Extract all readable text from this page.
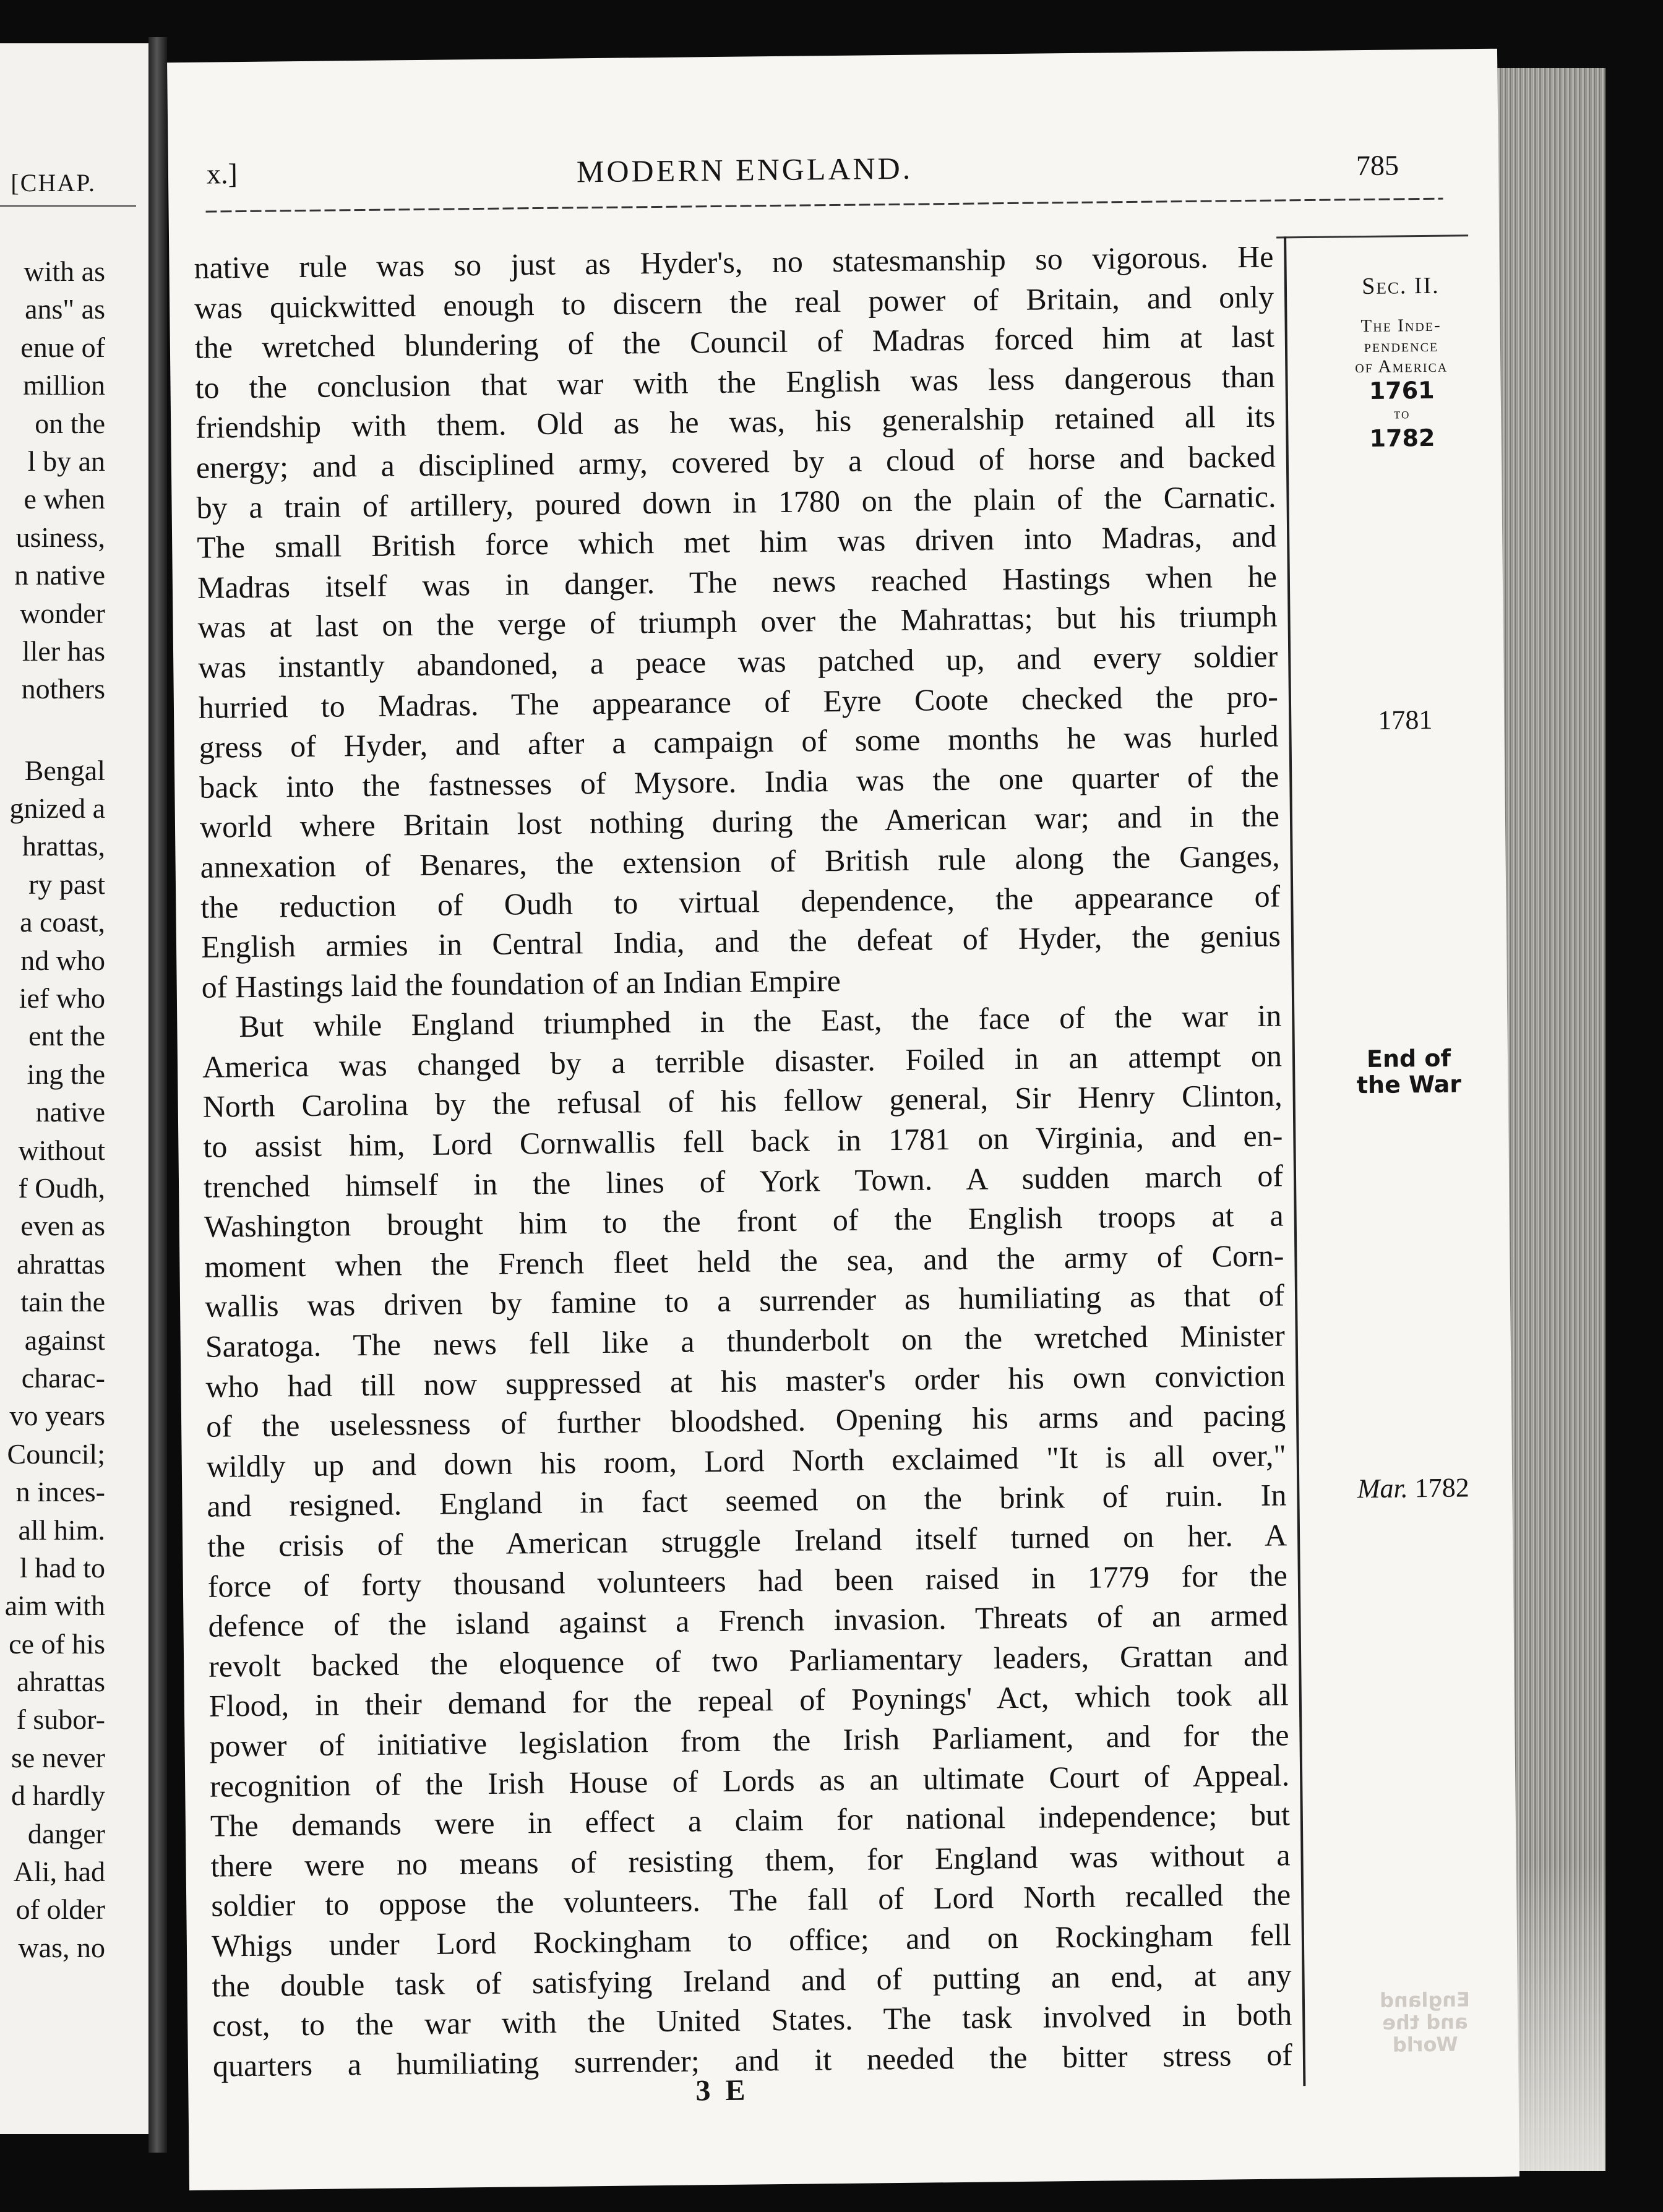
[CHAP.
with as
ans" as
enue of
million
on the
l by an
e when
usiness,
n native
wonder
ller has
nothers
Bengal
gnized a
hrattas,
ry past
a coast,
nd who
ief who
ent the
ing the
native
without
f Oudh,
even as
ahrattas
tain the
against
charac-
vo years
Council;
n inces-
all him.
l had to
aim with
ce of his
ahrattas
f subor-
se never
d hardly
danger
Ali, had
of older
was, no
x.]	MODERN ENGLAND.	785
native rule was so just as Hyder's, no statesmanship so vigorous. He
was quickwitted enough to discern the real power of Britain, and only
the wretched blundering of the Council of Madras forced him at last
to the conclusion that war with the English was less dangerous than
friendship with them. Old as he was, his generalship retained all its
energy; and a disciplined army, covered by a cloud of horse and backed
by a train of artillery, poured down in 1780 on the plain of the Carnatic.
The small British force which met him was driven into Madras, and
Madras itself was in danger. The news reached Hastings when he
was at last on the verge of triumph over the Mahrattas; but his triumph
was instantly abandoned, a peace was patched up, and every soldier
hurried to Madras. The appearance of Eyre Coote checked the pro-
gress of Hyder, and after a campaign of some months he was hurled
back into the fastnesses of Mysore. India was the one quarter of the
world where Britain lost nothing during the American war; and in the
annexation of Benares, the extension of British rule along the Ganges,
the reduction of Oudh to virtual dependence, the appearance of
English armies in Central India, and the defeat of Hyder, the genius
of Hastings laid the foundation of an Indian Empire
But while England triumphed in the East, the face of the war in
America was changed by a terrible disaster. Foiled in an attempt on
North Carolina by the refusal of his fellow general, Sir Henry Clinton,
to assist him, Lord Cornwallis fell back in 1781 on Virginia, and en-
trenched himself in the lines of York Town. A sudden march of
Washington brought him to the front of the English troops at a
moment when the French fleet held the sea, and the army of Corn-
wallis was driven by famine to a surrender as humiliating as that of
Saratoga. The news fell like a thunderbolt on the wretched Minister
who had till now suppressed at his master's order his own conviction
of the uselessness of further bloodshed. Opening his arms and pacing
wildly up and down his room, Lord North exclaimed "It is all over,"
and resigned. England in fact seemed on the brink of ruin. In
the crisis of the American struggle Ireland itself turned on her. A
force of forty thousand volunteers had been raised in 1779 for the
defence of the island against a French invasion. Threats of an armed
revolt backed the eloquence of two Parliamentary leaders, Grattan and
Flood, in their demand for the repeal of Poynings' Act, which took all
power of initiative legislation from the Irish Parliament, and for the
recognition of the Irish House of Lords as an ultimate Court of Appeal.
The demands were in effect a claim for national independence; but
there were no means of resisting them, for England was without a
soldier to oppose the volunteers. The fall of Lord North recalled the
Whigs under Lord Rockingham to office; and on Rockingham fell
the double task of satisfying Ireland and of putting an end, at any
cost, to the war with the United States. The task involved in both
quarters a humiliating surrender; and it needed the bitter stress of
Sec. II.
The Inde-
pendence
of America
1761
to
1782
1781
End of
the War
Mar. 1782
England
and the
World
3 E
